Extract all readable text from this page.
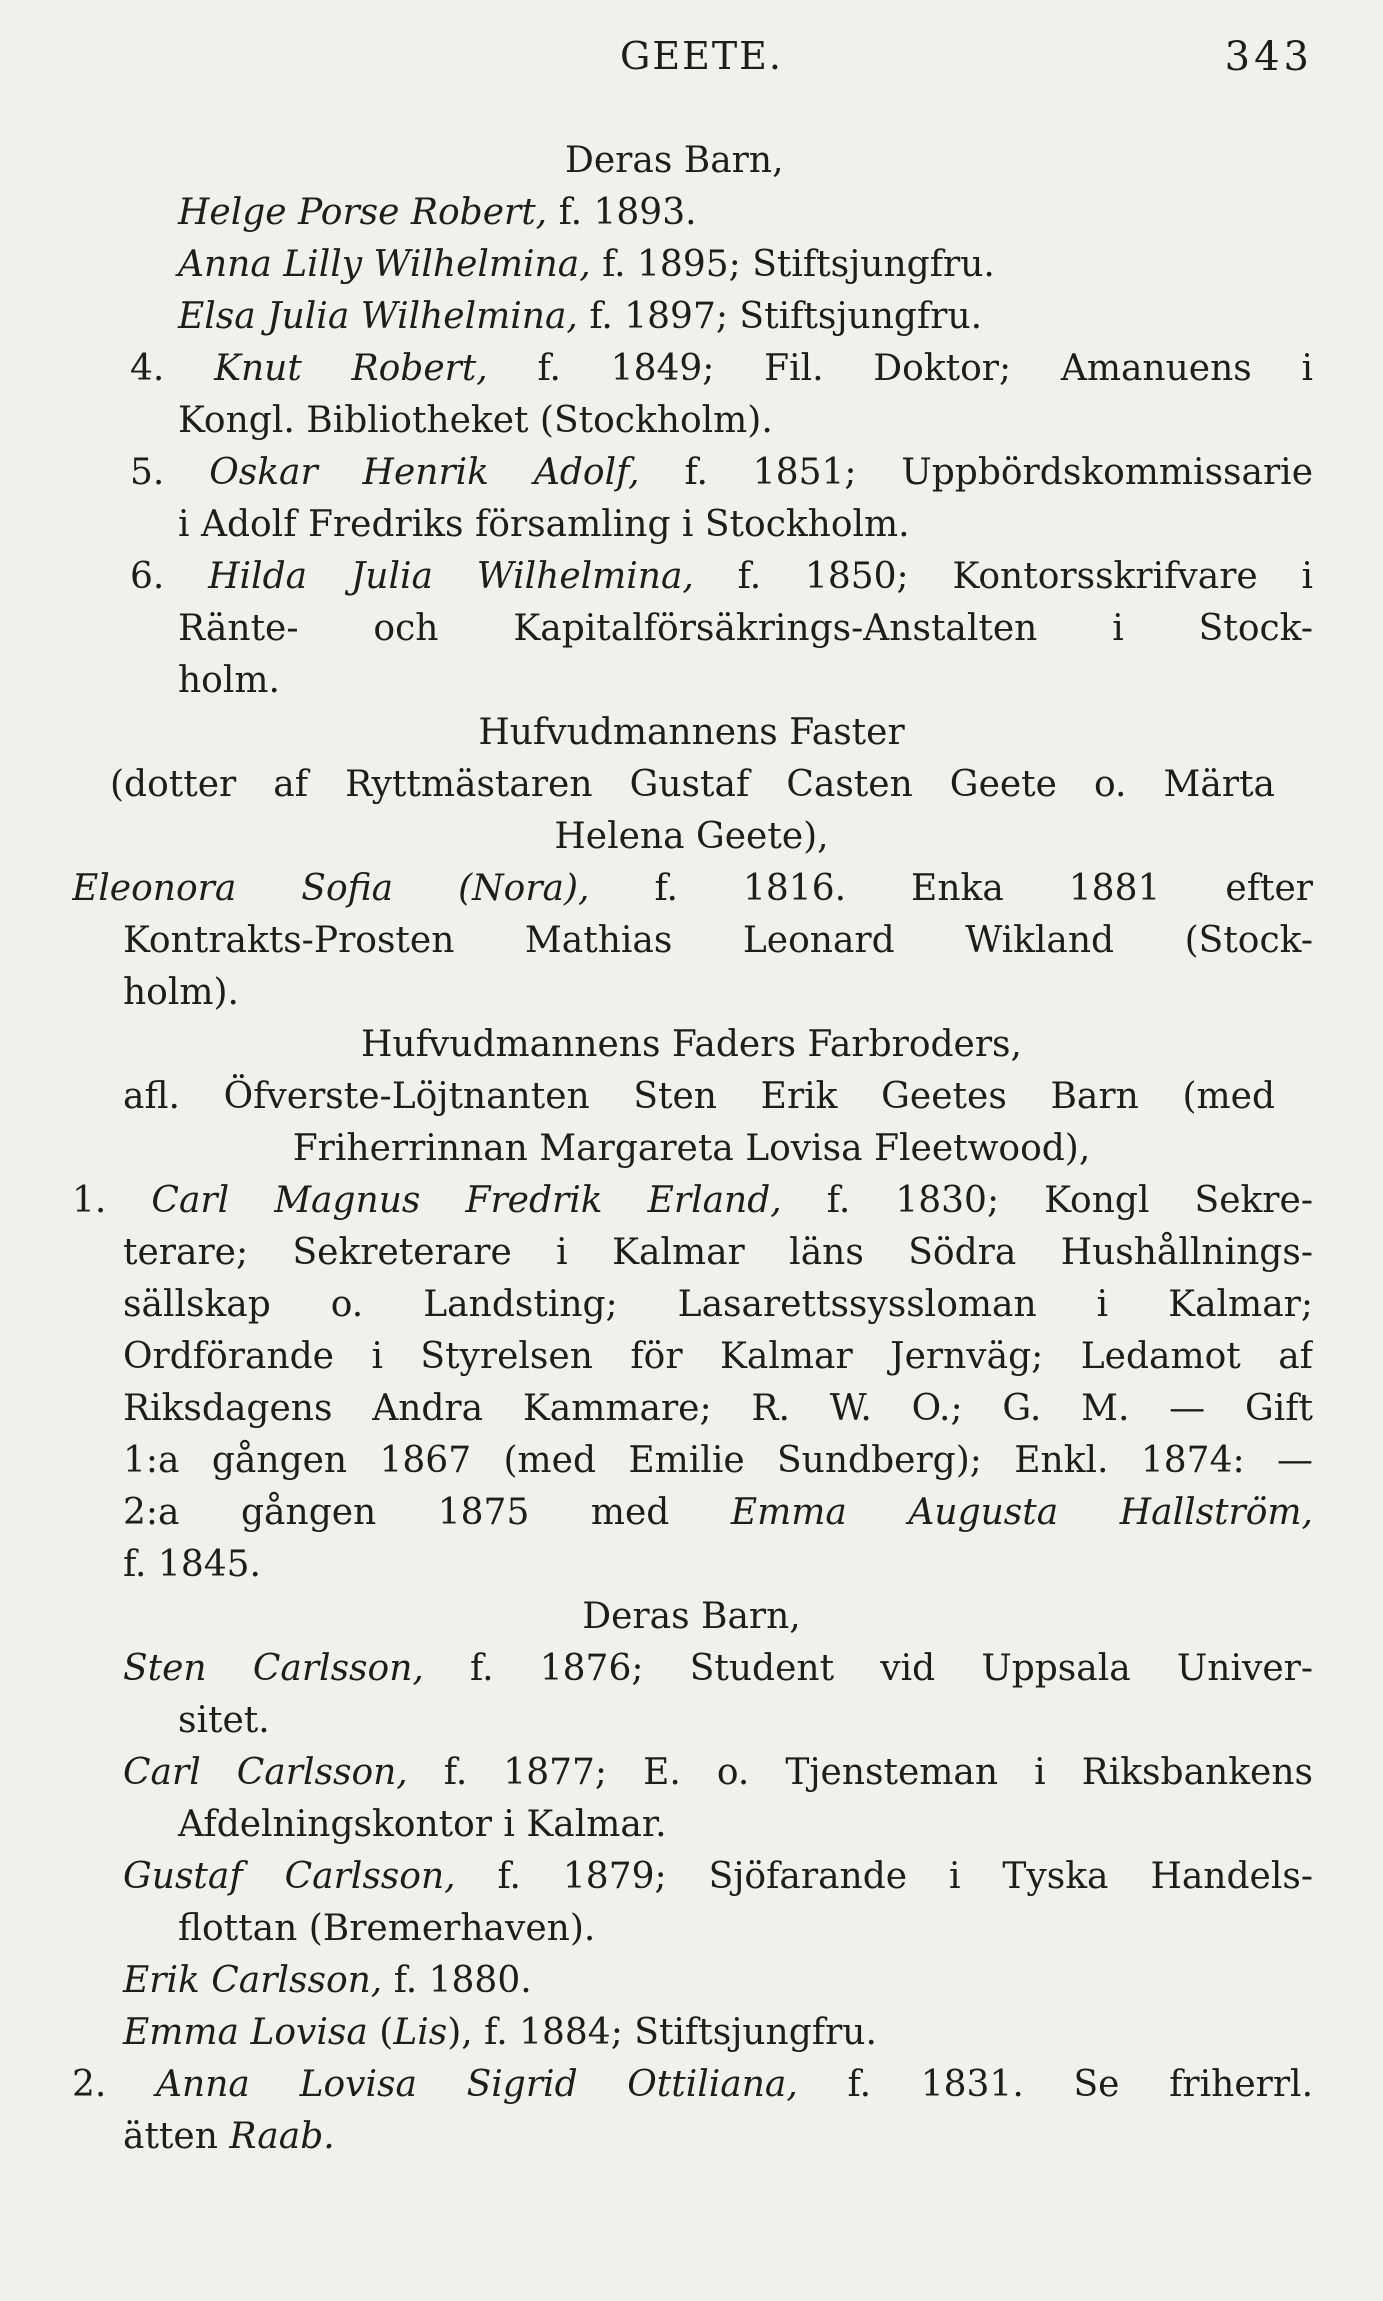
GEETE.	343
Deras Barn,
Helge Porse Robert, f. 1893.
Anna Lilly Wilhelmina, f. 1895; Stiftsjungfru.
Elsa Julia Wilhelmina, f. 1897; Stiftsjungfru.
4. Knut Robert, f. 1849; Fil. Doktor; Amanuens i
Kongl. Bibliotheket (Stockholm).
5. Oskar Henrik Adolf, f. 1851; Uppbördskommissarie
i Adolf Fredriks församling i Stockholm.
6. Hilda Julia Wilhelmina, f. 1850; Kontorsskrifvare i
Ränte- och Kapitalförsäkrings-Anstalten i Stock-
holm.
Hufvudmannens Faster
(dotter af Ryttmästaren Gustaf Casten Geete o. Märta
Helena Geete),
Eleonora Sofia (Nora), f. 1816. Enka 1881 efter
Kontrakts-Prosten Mathias Leonard Wikland (Stock-
holm).
Hufvudmannens Faders Farbroders,
afl. Öfverste-Löjtnanten Sten Erik Geetes Barn (med
Friherrinnan Margareta Lovisa Fleetwood),
1. Carl Magnus Fredrik Erland, f. 1830; Kongl Sekre-
terare; Sekreterare i Kalmar läns Södra Hushållnings-
sällskap o. Landsting; Lasarettssyssloman i Kalmar;
Ordförande i Styrelsen för Kalmar Jernväg; Ledamot af
Riksdagens Andra Kammare; R. W. O.; G. M. — Gift
1:a gången 1867 (med Emilie Sundberg); Enkl. 1874: —
2:a gången 1875 med Emma Augusta Hallström,
f. 1845.
Deras Barn,
Sten Carlsson, f. 1876; Student vid Uppsala Univer-
sitet.
Carl Carlsson, f. 1877; E. o. Tjensteman i Riksbankens
Afdelningskontor i Kalmar.
Gustaf Carlsson, f. 1879; Sjöfarande i Tyska Handels-
flottan (Bremerhaven).
Erik Carlsson, f. 1880.
Emma Lovisa (Lis), f. 1884; Stiftsjungfru.
2. Anna Lovisa Sigrid Ottiliana, f. 1831. Se friherrl.
ätten Raab.
